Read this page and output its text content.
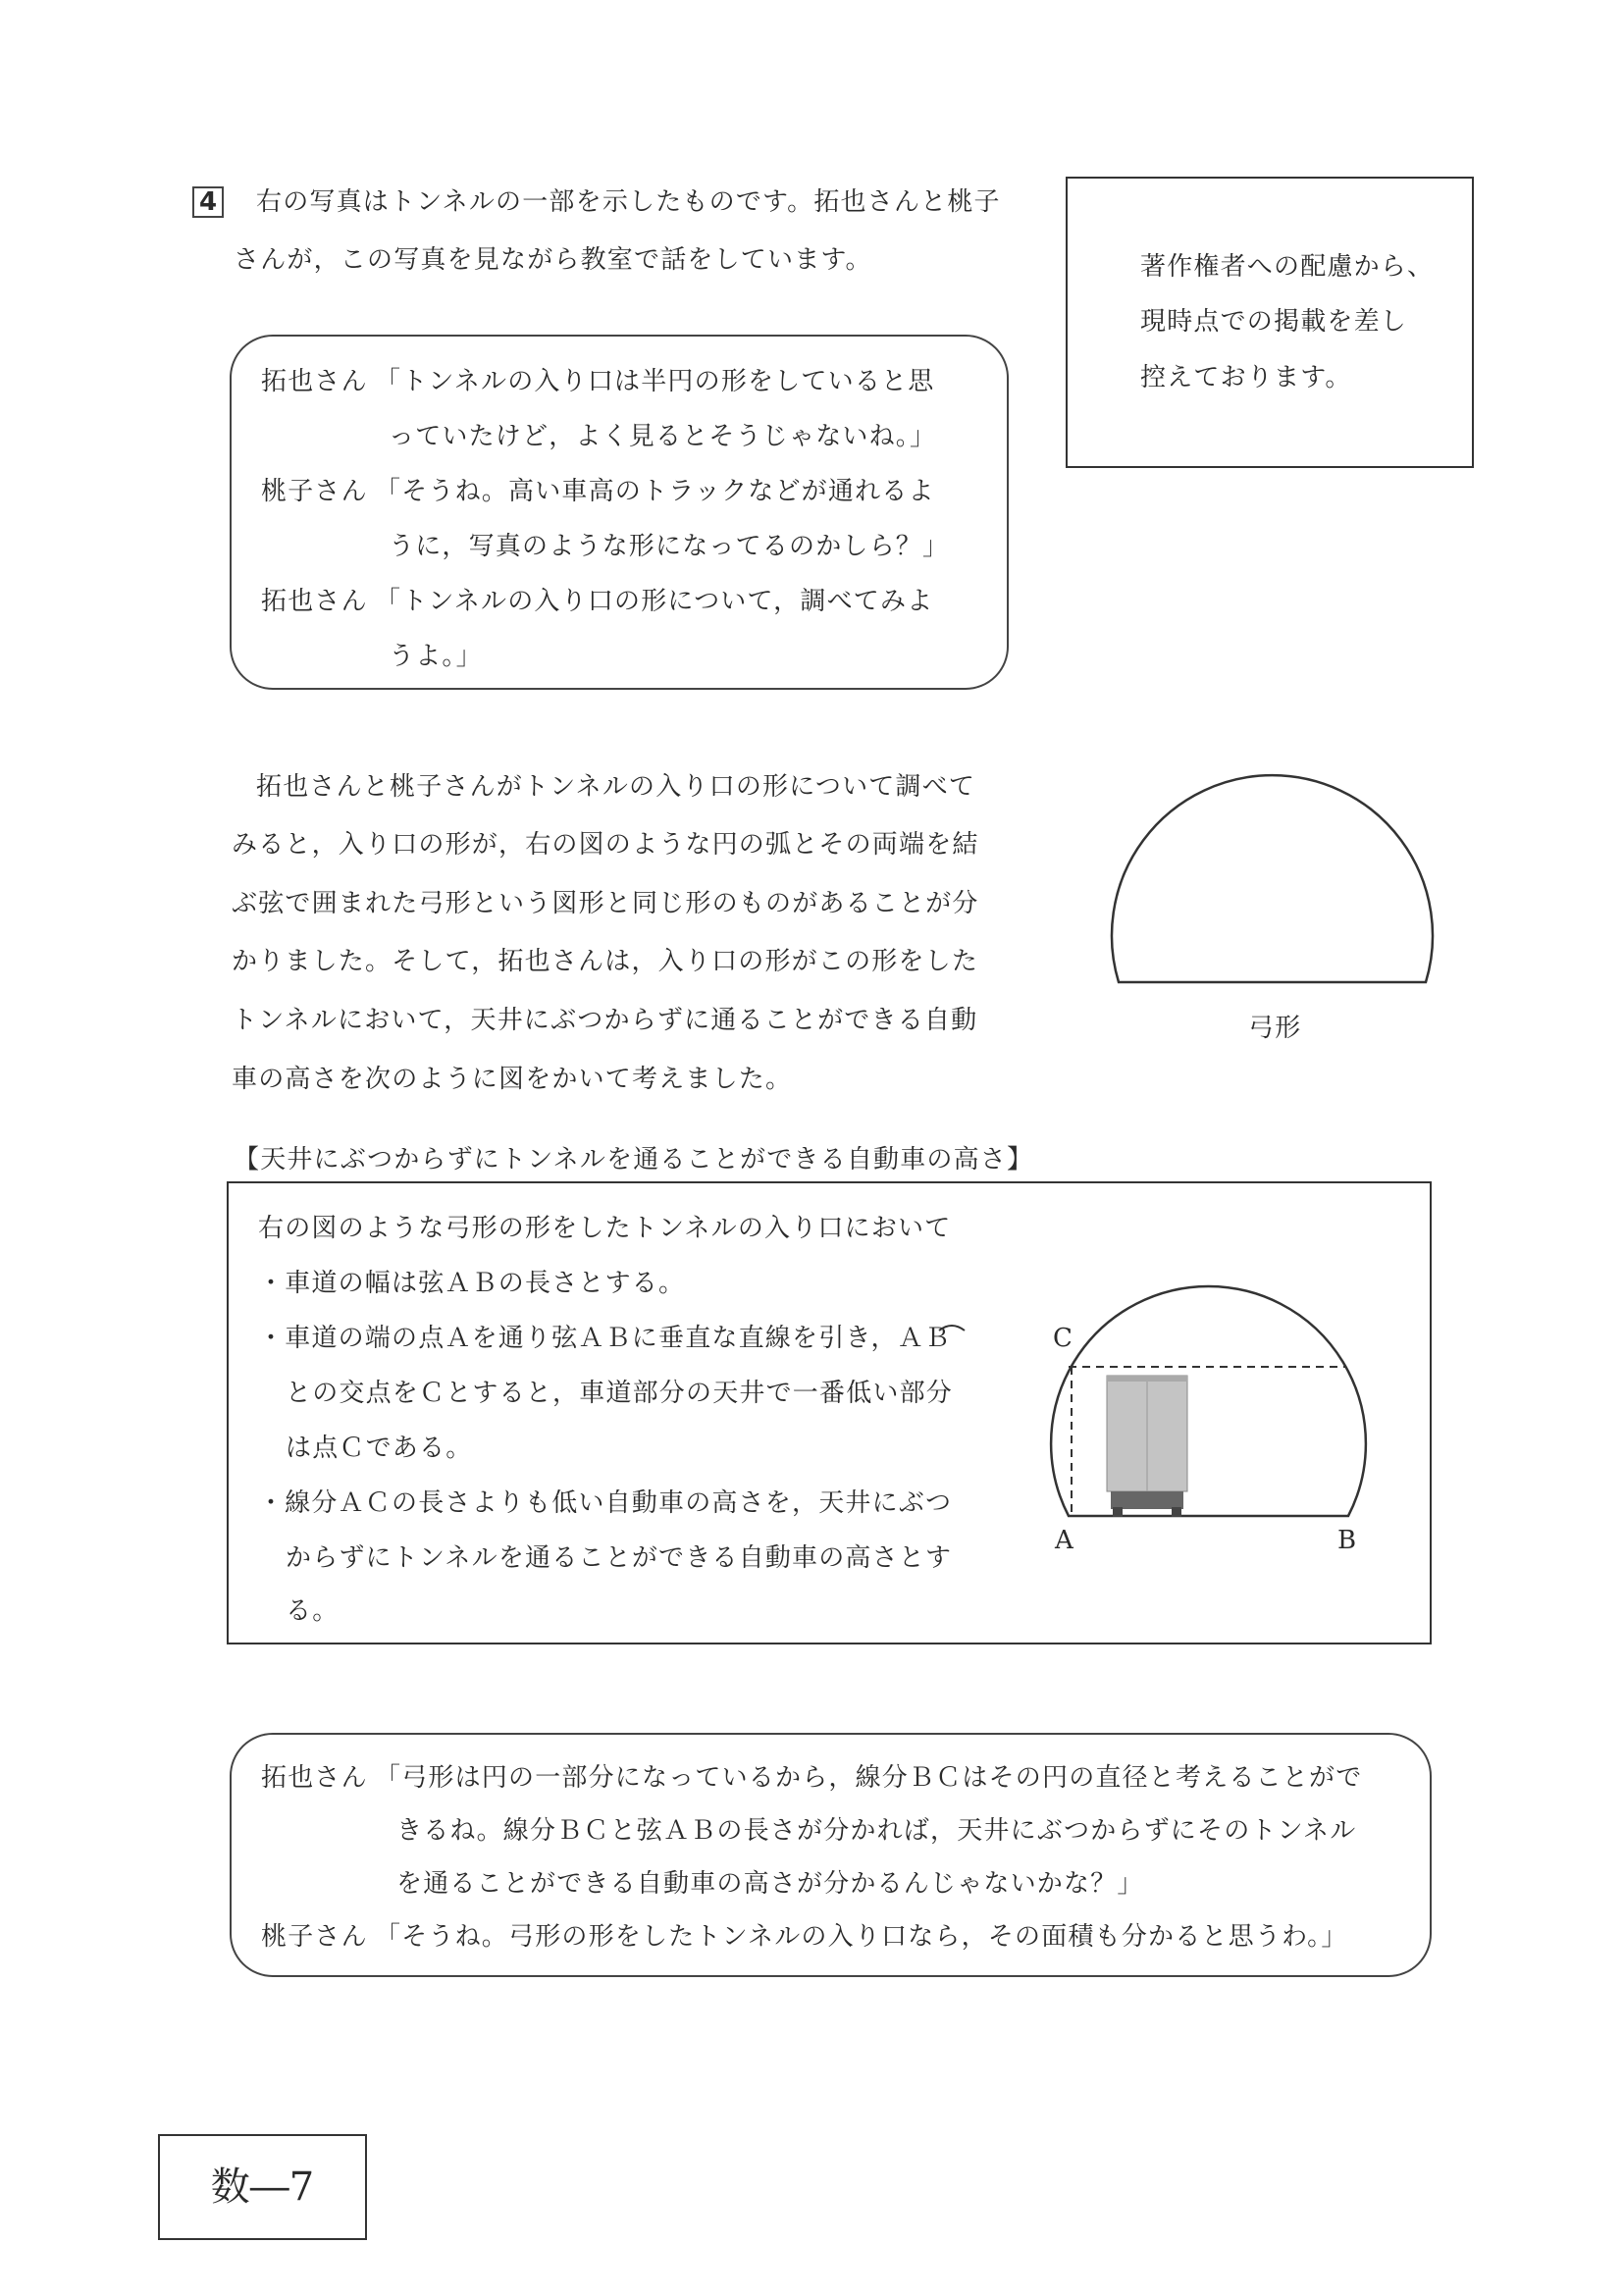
4 右の写真はトンネルの一部を示したものです。拓也さんと桃子
さんが，この写真を見ながら教室で話をしています。	著作権者への配慮から、
現時点での掲載を差し
控えております。
拓也さん 「トンネルの入り口は半円の形をしていると思
っていたけど，よく見るとそうじゃないね。」
桃子さん 「そうね。高い車高のトラックなどが通れるよ
うに，写真のような形になってるのかしら？」
拓也さん 「トンネルの入り口の形について，調べてみよ
うよ。」
拓也さんと桃子さんがトンネルの入り口の形について調べて
みると，入り口の形が，右の図のような円の弧とその両端を結
ぶ弦で囲まれた弓形という図形と同じ形のものがあることが分
かりました。そして，拓也さんは，入り口の形がこの形をした
トンネルにおいて，天井にぶつからずに通ることができる自動
車の高さを次のように図をかいて考えました。
弓形
【天井にぶつからずにトンネルを通ることができる自動車の高さ】
右の図のような弓形の形をしたトンネルの入り口において
・車道の幅は弦ＡＢの長さとする。
・車道の端の点Ａを通り弦ＡＢに垂直な直線を引き，ＡＢ
との交点をＣとすると，車道部分の天井で一番低い部分
は点Ｃである。
・線分ＡＣの長さよりも低い自動車の高さを，天井にぶつ
からずにトンネルを通ることができる自動車の高さとす
る。
C
A	B
拓也さん 「弓形は円の一部分になっているから，線分ＢＣはその円の直径と考えることがで
きるね。線分ＢＣと弦ＡＢの長さが分かれば，天井にぶつからずにそのトンネル
を通ることができる自動車の高さが分かるんじゃないかな？」
桃子さん 「そうね。弓形の形をしたトンネルの入り口なら，その面積も分かると思うわ。」
数―7
